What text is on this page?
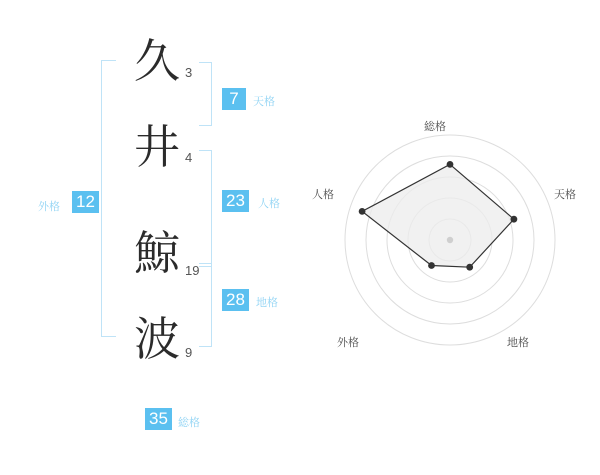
外格 12
久 3
井 4
鯨 19
波 9
7	天格
23	人格
28	地格
35 総格
総格
天格
地格
外格
人格
